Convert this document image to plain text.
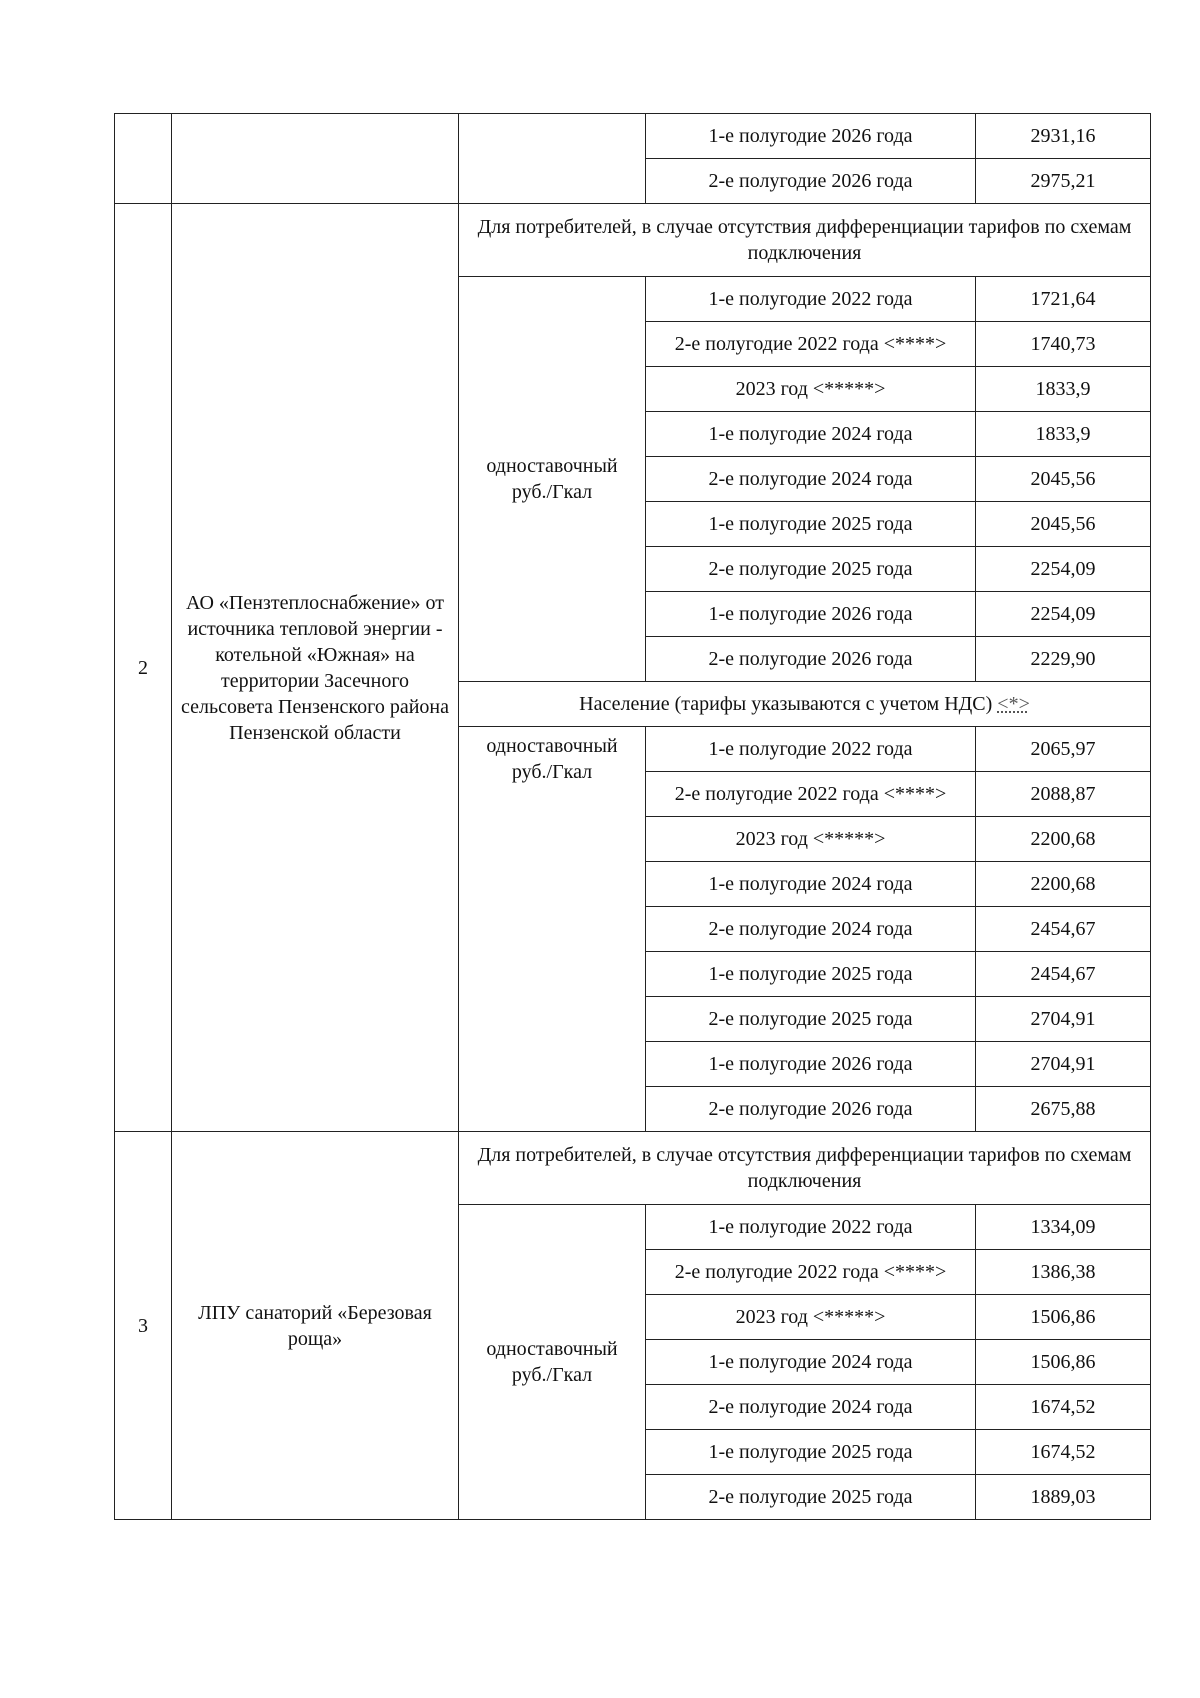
			1-е полугодие 2026 года	2931,16
			2-е полугодие 2026 года	2975,21
2	АО «Пензтеплоснабжение» от источника тепловой энергии - котельной «Южная» на территории Засечного сельсовета Пензенского района Пензенской области	Для потребителей, в случае отсутствия дифференциации тарифов по схемам подключения		
		одноставочный руб./Гкал	1-е полугодие 2022 года	1721,64
			2-е полугодие 2022 года <****>	1740,73
			2023 год <*****>	1833,9
			1-е полугодие 2024 года	1833,9
			2-е полугодие 2024 года	2045,56
			1-е полугодие 2025 года	2045,56
			2-е полугодие 2025 года	2254,09
			1-е полугодие 2026 года	2254,09
			2-е полугодие 2026 года	2229,90
		Население (тарифы указываются с учетом НДС) <*>		
		одноставочный руб./Гкал	1-е полугодие 2022 года	2065,97
			2-е полугодие 2022 года <****>	2088,87
			2023 год <*****>	2200,68
			1-е полугодие 2024 года	2200,68
			2-е полугодие 2024 года	2454,67
			1-е полугодие 2025 года	2454,67
			2-е полугодие 2025 года	2704,91
			1-е полугодие 2026 года	2704,91
			2-е полугодие 2026 года	2675,88
3	ЛПУ санаторий «Березовая роща»	Для потребителей, в случае отсутствия дифференциации тарифов по схемам подключения		
		одноставочный руб./Гкал	1-е полугодие 2022 года	1334,09
			2-е полугодие 2022 года <****>	1386,38
			2023 год <*****>	1506,86
			1-е полугодие 2024 года	1506,86
			2-е полугодие 2024 года	1674,52
			1-е полугодие 2025 года	1674,52
			2-е полугодие 2025 года	1889,03
